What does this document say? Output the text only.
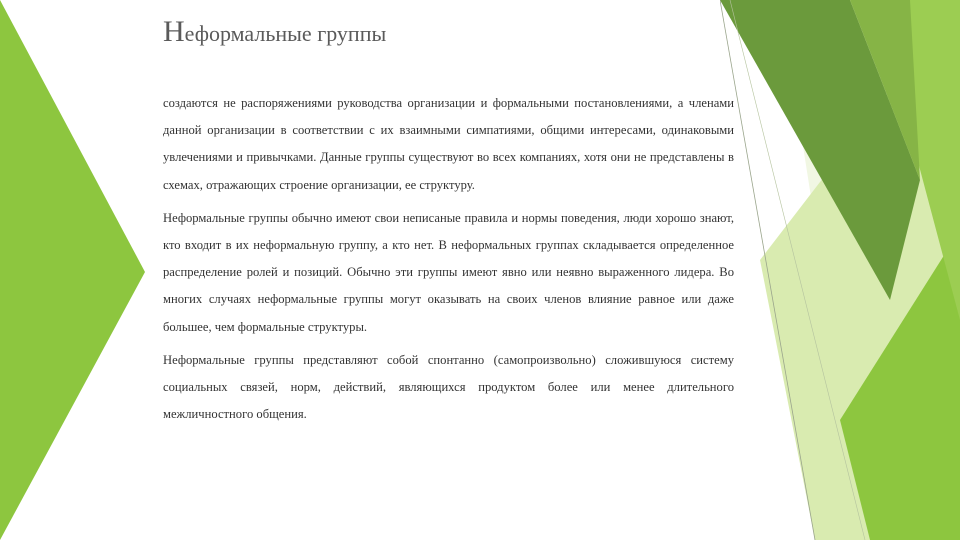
Неформальные группы

создаются не распоряжениями руководства организации и формальными постановлениями, а членами данной организации в соответствии с их взаимными симпатиями, общими интересами, одинаковыми увлечениями и привычками. Данные группы существуют во всех компаниях, хотя они не представлены в схемах, отражающих строение организации, ее структуру.

Неформальные группы обычно имеют свои неписаные правила и нормы поведения, люди хорошо знают, кто входит в их неформальную группу, а кто нет. В неформальных группах складывается определенное распределение ролей и позиций. Обычно эти группы имеют явно или неявно выраженного лидера. Во многих случаях неформальные группы могут оказывать на своих членов влияние равное или даже большее, чем формальные структуры.

Неформальные группы представляют собой спонтанно (самопроизвольно) сложившуюся систему социальных связей, норм, действий, являющихся продуктом более или менее длительного межличностного общения.
